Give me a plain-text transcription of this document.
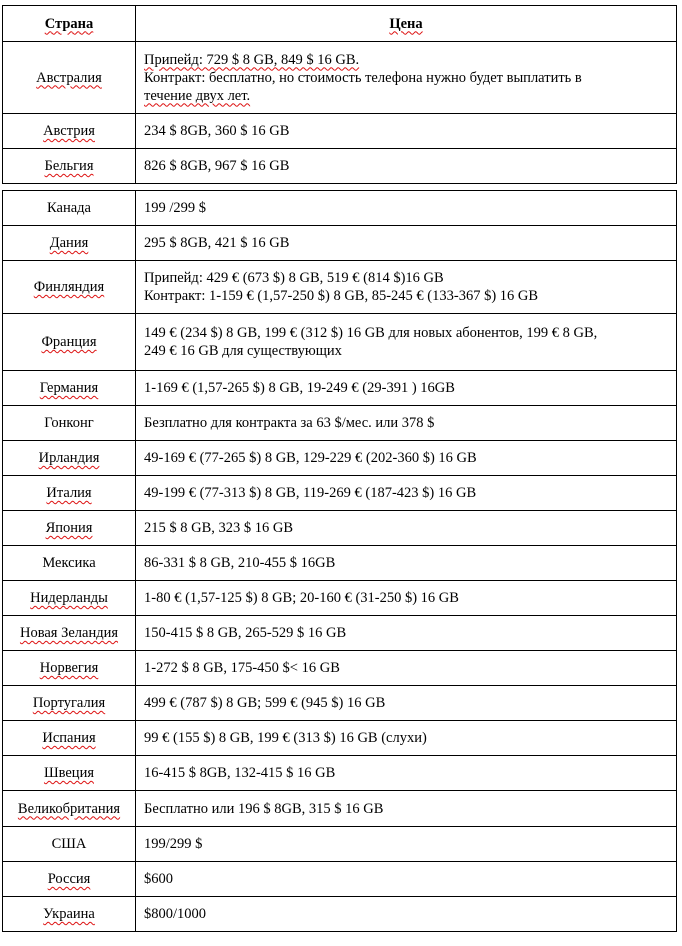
Страна	Цена
Австралия	Припейд: 729 $ 8 GB, 849 $ 16 GB.
Контракт: бесплатно, но стоимость телефона нужно будет выплатить в
течение двух лет.
Австрия	234 $ 8GB, 360 $ 16 GB
Бельгия	826 $ 8GB, 967 $ 16 GB
Канада	199 /299 $
Дания	295 $ 8GB, 421 $ 16 GB
Финляндия	Припейд: 429 € (673 $) 8 GB, 519 € (814 $)16 GB
Контракт: 1-159 € (1,57-250 $) 8 GB, 85-245 € (133-367 $) 16 GB
Франция	149 € (234 $) 8 GB, 199 € (312 $) 16 GB для новых абонентов, 199 € 8 GB,
249 € 16 GB для существующих
Германия	1-169 € (1,57-265 $) 8 GB, 19-249 € (29-391 ) 16GB
Гонконг	Безплатно для контракта за 63 $/мес. или 378 $
Ирландия	49-169 € (77-265 $) 8 GB, 129-229 € (202-360 $) 16 GB
Италия	49-199 € (77-313 $) 8 GB, 119-269 € (187-423 $) 16 GB
Япония	215 $ 8 GB, 323 $ 16 GB
Мексика	86-331 $ 8 GB, 210-455 $ 16GB
Нидерланды	1-80 € (1,57-125 $) 8 GB; 20-160 € (31-250 $) 16 GB
Новая Зеландия	150-415 $ 8 GB, 265-529 $ 16 GB
Норвегия	1-272 $ 8 GB, 175-450 $< 16 GB
Португалия	499 € (787 $) 8 GB; 599 € (945 $) 16 GB
Испания	99 € (155 $) 8 GB, 199 € (313 $) 16 GB (слухи)
Швеция	16-415 $ 8GB, 132-415 $ 16 GB
Великобритания	Бесплатно или 196 $ 8GB, 315 $ 16 GB
США	199/299 $
Россия	$600
Украина	$800/1000
